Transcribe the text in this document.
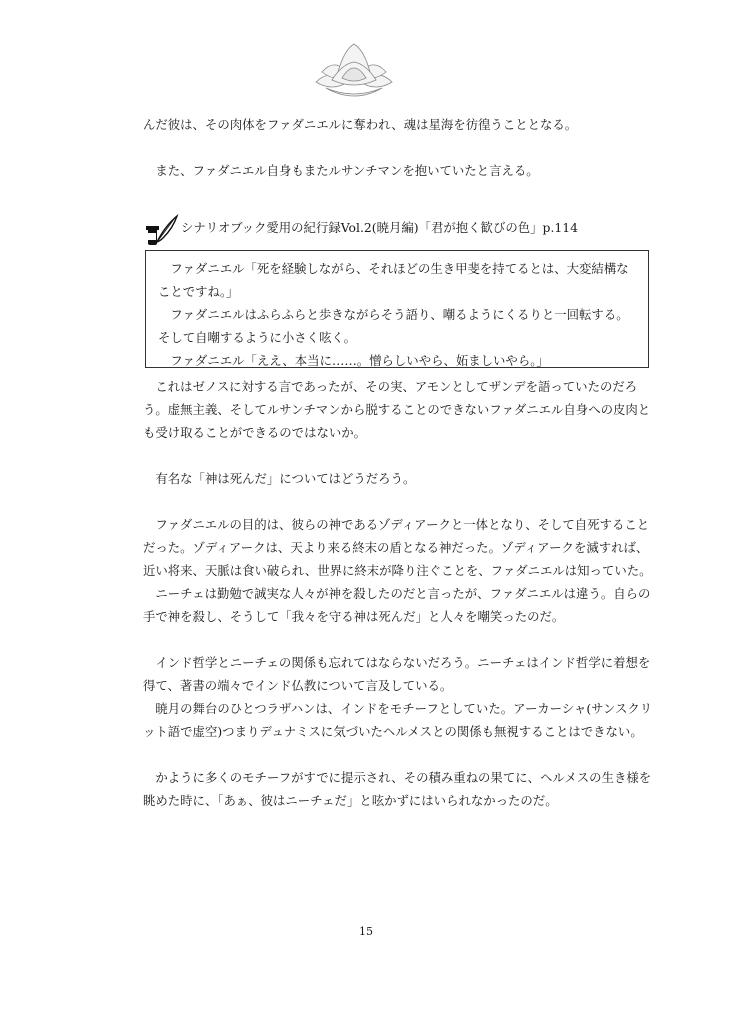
んだ彼は、その肉体をファダニエルに奪われ、魂は星海を彷徨うこととなる。

また、ファダニエル自身もまたルサンチマンを抱いていたと言える。

シナリオブック愛用の紀行録Vol.2(暁月編)「君が抱く歓びの色」p.114

ファダニエル「死を経験しながら、それほどの生き甲斐を持てるとは、大変結構なことですね。」

ファダニエルはふらふらと歩きながらそう語り、嘲るようにくるりと一回転する。そして自嘲するように小さく呟く。

ファダニエル「ええ、本当に……。憎らしいやら、妬ましいやら。」

これはゼノスに対する言であったが、その実、アモンとしてザンデを語っていたのだろう。虚無主義、そしてルサンチマンから脱することのできないファダニエル自身への皮肉とも受け取ることができるのではないか。

有名な「神は死んだ」についてはどうだろう。

ファダニエルの目的は、彼らの神であるゾディアークと一体となり、そして自死することだった。ゾディアークは、天より来る終末の盾となる神だった。ゾディアークを滅すれば、近い将来、天脈は食い破られ、世界に終末が降り注ぐことを、ファダニエルは知っていた。

ニーチェは勤勉で誠実な人々が神を殺したのだと言ったが、ファダニエルは違う。自らの手で神を殺し、そうして「我々を守る神は死んだ」と人々を嘲笑ったのだ。

インド哲学とニーチェの関係も忘れてはならないだろう。ニーチェはインド哲学に着想を得て、著書の端々でインド仏教について言及している。

暁月の舞台のひとつラザハンは、インドをモチーフとしていた。アーカーシャ(サンスクリット語で虚空)つまりデュナミスに気づいたヘルメスとの関係も無視することはできない。

かように多くのモチーフがすでに提示され、その積み重ねの果てに、ヘルメスの生き様を眺めた時に、「あぁ、彼はニーチェだ」と呟かずにはいられなかったのだ。

15
